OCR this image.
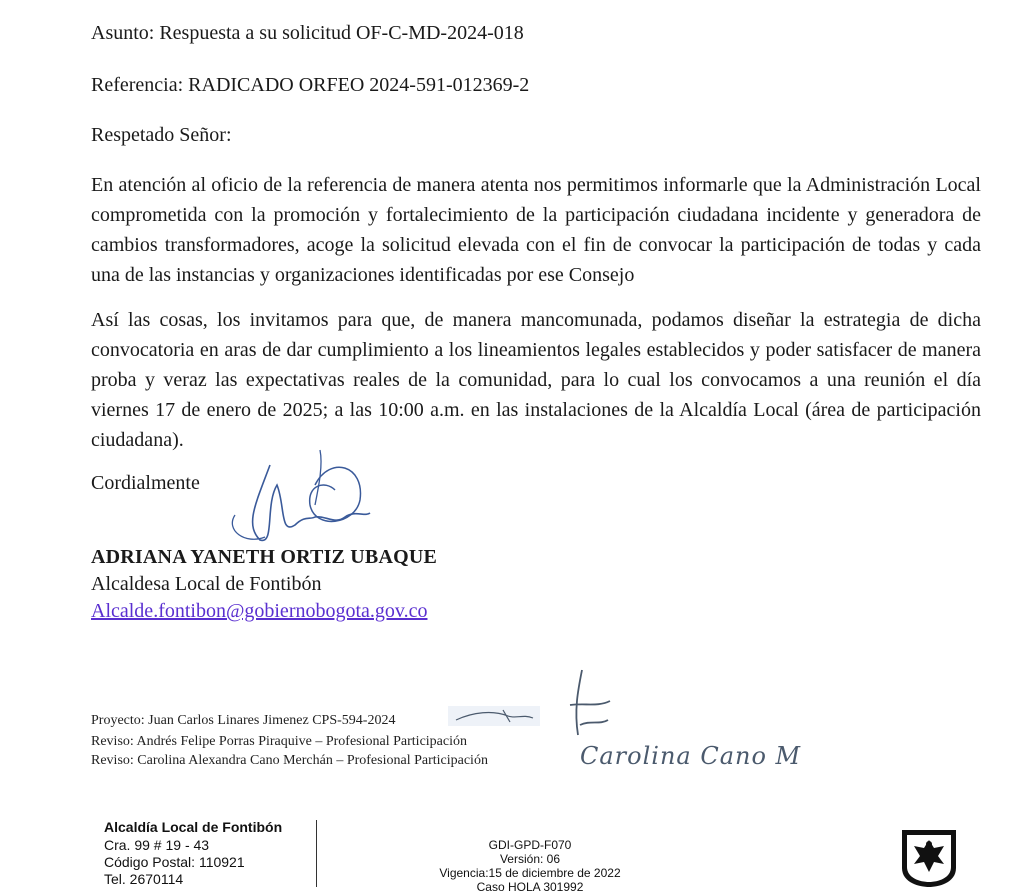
Asunto: Respuesta a su solicitud OF-C-MD-2024-018
Referencia: RADICADO ORFEO 2024-591-012369-2
Respetado Señor:
En atención al oficio de la referencia de manera atenta nos permitimos informarle que la Administración Local comprometida con la promoción y fortalecimiento de la participación ciudadana incidente y generadora de cambios transformadores, acoge la solicitud elevada con el fin de convocar la participación de todas y cada una de las instancias y organizaciones identificadas por ese Consejo
Así las cosas, los invitamos para que, de manera mancomunada, podamos diseñar la estrategia de dicha convocatoria en aras de dar cumplimiento a los lineamientos legales establecidos y poder satisfacer de manera proba y veraz las expectativas reales de la comunidad, para lo cual los convocamos a una reunión el día viernes 17 de enero de 2025; a las 10:00 a.m. en las instalaciones de la Alcaldía Local (área de participación ciudadana).
Cordialmente
ADRIANA YANETH ORTIZ UBAQUE
Alcaldesa Local de Fontibón
Alcalde.fontibon@gobiernobogota.gov.co
Proyecto: Juan Carlos Linares Jimenez CPS-594-2024
Reviso: Andrés Felipe Porras Piraquive – Profesional Participación
Reviso: Carolina Alexandra Cano Merchán – Profesional Participación	Carolina Cano M
Alcaldía Local de Fontibón
Cra. 99 # 19 - 43
Código Postal: 110921
Tel. 2670114
GDI-GPD-F070
Versión: 06
Vigencia:15 de diciembre de 2022
Caso HOLA 301992
